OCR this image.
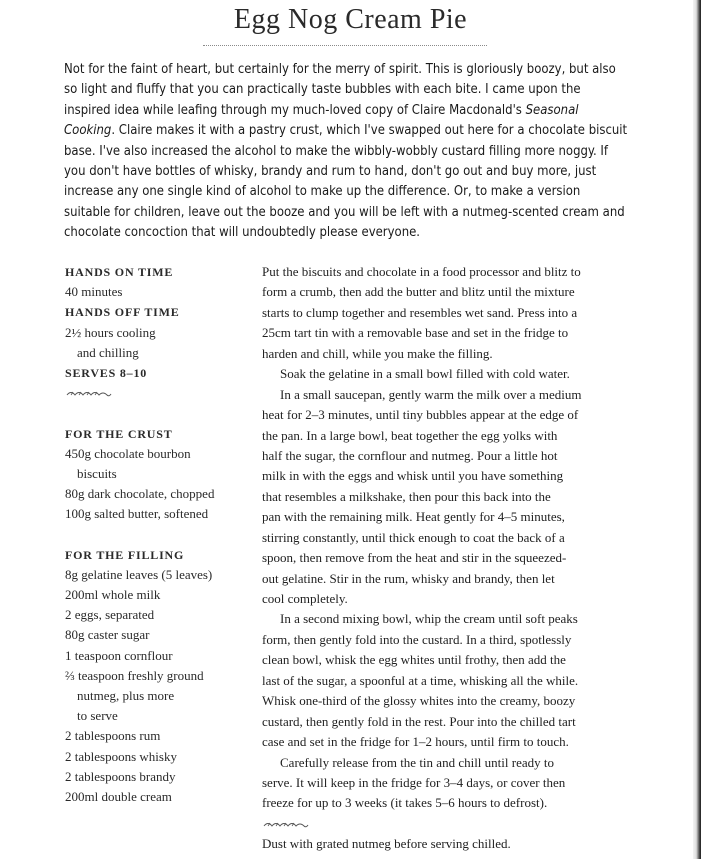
Egg Nog Cream Pie

Not for the faint of heart, but certainly for the merry of spirit. This is gloriously boozy, but also so light and fluffy that you can practically taste bubbles with each bite. I came upon the inspired idea while leafing through my much-loved copy of Claire Macdonald's Seasonal Cooking. Claire makes it with a pastry crust, which I've swapped out here for a chocolate biscuit base. I've also increased the alcohol to make the wibbly-wobbly custard filling more noggy. If you don't have bottles of whisky, brandy and rum to hand, don't go out and buy more, just increase any one single kind of alcohol to make up the difference. Or, to make a version suitable for children, leave out the booze and you will be left with a nutmeg-scented cream and chocolate concoction that will undoubtedly please everyone.

HANDS ON TIME
40 minutes
HANDS OFF TIME
2½ hours cooling
and chilling
SERVES 8–10
FOR THE CRUST
450g chocolate bourbon
biscuits
80g dark chocolate, chopped
100g salted butter, softened
FOR THE FILLING
8g gelatine leaves (5 leaves)
200ml whole milk
2 eggs, separated
80g caster sugar
1 teaspoon cornflour
⅔ teaspoon freshly ground
nutmeg, plus more
to serve
2 tablespoons rum
2 tablespoons whisky
2 tablespoons brandy
200ml double cream
Put the biscuits and chocolate in a food processor and blitz to
form a crumb, then add the butter and blitz until the mixture
starts to clump together and resembles wet sand. Press into a
25cm tart tin with a removable base and set in the fridge to
harden and chill, while you make the filling.
Soak the gelatine in a small bowl filled with cold water.
In a small saucepan, gently warm the milk over a medium
heat for 2–3 minutes, until tiny bubbles appear at the edge of
the pan. In a large bowl, beat together the egg yolks with
half the sugar, the cornflour and nutmeg. Pour a little hot
milk in with the eggs and whisk until you have something
that resembles a milkshake, then pour this back into the
pan with the remaining milk. Heat gently for 4–5 minutes,
stirring constantly, until thick enough to coat the back of a
spoon, then remove from the heat and stir in the squeezed-
out gelatine. Stir in the rum, whisky and brandy, then let
cool completely.
In a second mixing bowl, whip the cream until soft peaks
form, then gently fold into the custard. In a third, spotlessly
clean bowl, whisk the egg whites until frothy, then add the
last of the sugar, a spoonful at a time, whisking all the while.
Whisk one-third of the glossy whites into the creamy, boozy
custard, then gently fold in the rest. Pour into the chilled tart
case and set in the fridge for 1–2 hours, until firm to touch.
Carefully release from the tin and chill until ready to
serve. It will keep in the fridge for 3–4 days, or cover then
freeze for up to 3 weeks (it takes 5–6 hours to defrost).
Dust with grated nutmeg before serving chilled.
